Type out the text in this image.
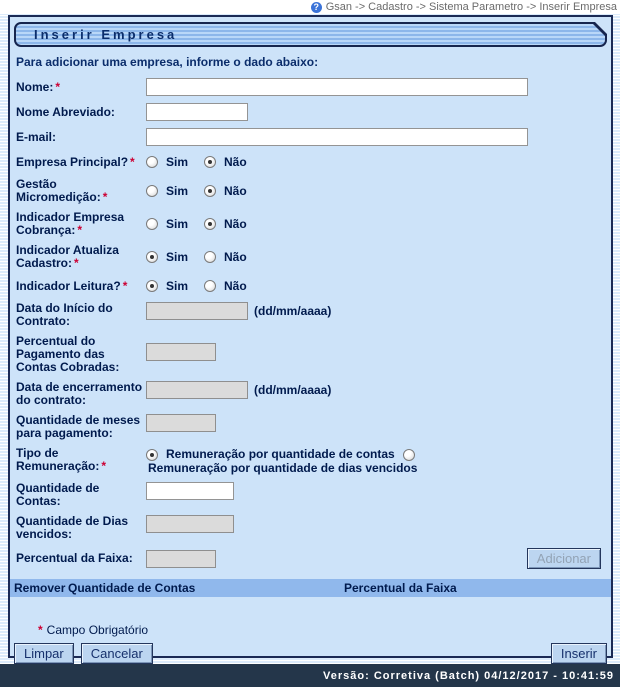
? Gsan -> Cadastro -> Sistema Parametro -> Inserir Empresa
Inserir Empresa
Para adicionar uma empresa, informe o dado abaixo:
Nome: *
Nome Abreviado:
E-mail:
Empresa Principal? *	Sim	Não
Gestão Micromedição: *	Sim	Não
Indicador Empresa Cobrança: *	Sim	Não
Indicador Atualiza Cadastro: *	Sim	Não
Indicador Leitura? *	Sim	Não
Data do Início do Contrato:
(dd/mm/aaaa)
Percentual do Pagamento das Contas Cobradas:
Data de encerramento do contrato:
(dd/mm/aaaa)
Quantidade de meses para pagamento:
Tipo de Remuneração: *
Remuneração por quantidade de contas
Remuneração por quantidade de dias vencidos
Quantidade de Contas:
Quantidade de Dias vencidos:
Percentual da Faixa:	Adicionar
Remover Quantidade de Contas	Percentual da Faixa
* Campo Obrigatório
Limpar	Cancelar	Inserir
Versão: Corretiva (Batch) 04/12/2017 - 10:41:59
